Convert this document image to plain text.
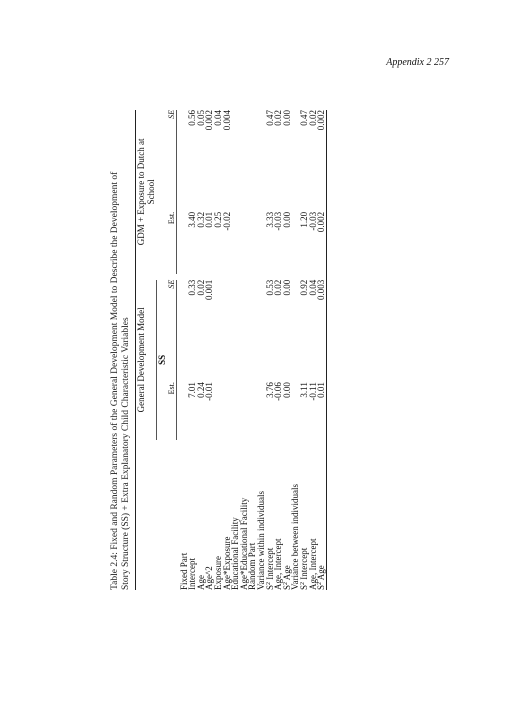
Appendix 2 257
Table 2.4: Fixed and Random Parameters of the General Development Model to Describe the Development of Story Structure (SS) + Extra Explanatory Child Characteristic Variables

	General Development Model				GDM + Exposure to Dutch at School		

	SS						
	Est.		SE		Est.		SE
Fixed Part							
Intercept	7.01		0.33		3.40		0.56
Age	0.24		0.02		0.32		0.05
Age^2	-0.01		0.001		0.01		0.002
Exposure					0.25		0.04
Age*Exposure					-0.02		0.004
Educational Facility							
Age*Educational Facility							
Random Part							
Variance within individuals							
$S^2$ Intercept	3.76		0.53		3.33		0.47
Age, Intercept	-0.06		0.02		-0.03		0.02
$S^2$ Age	0.00		0.00		0.00		0.00
Variance between individuals							
$S^2$ Intercept	3.11		0.92		1.20		0.47
Age, Intercept	-0.11		0.04		-0.03		0.02
$S^2$ Age	0.01		0.003		0.002		0.002
